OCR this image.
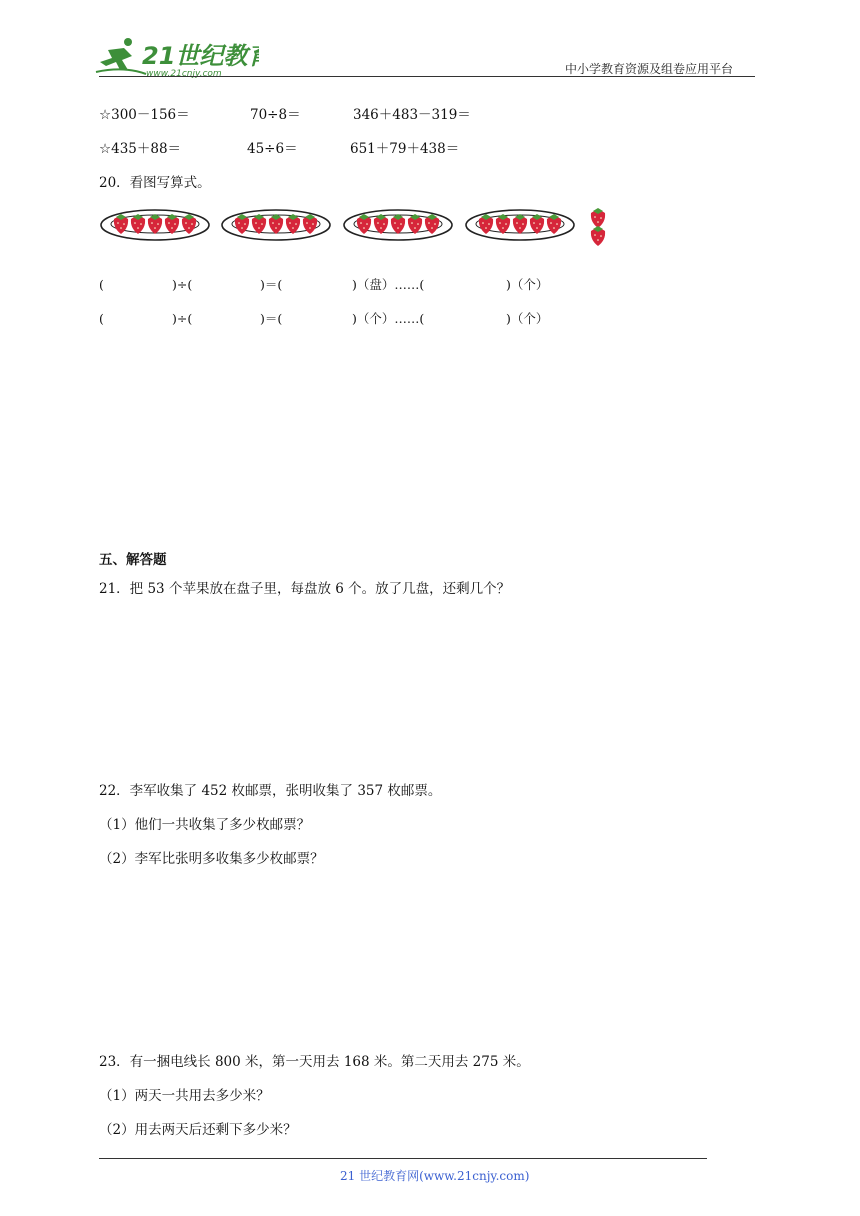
21世纪教育
www.21cnjy.com	中小学教育资源及组卷应用平台
☆300－156＝	70÷8＝	346＋483－319＝
☆435＋88＝	45÷6＝	651＋79＋438＝
20．看图写算式。
(	)÷(	)＝(	)（盘）……(	)（个）
(	)÷(	)＝(	)（个）……(	)（个）
五、解答题
21．把 53 个苹果放在盘子里，每盘放 6 个。放了几盘，还剩几个？
22．李军收集了 452 枚邮票，张明收集了 357 枚邮票。
（1）他们一共收集了多少枚邮票？
（2）李军比张明多收集多少枚邮票？
23．有一捆电线长 800 米，第一天用去 168 米。第二天用去 275 米。
（1）两天一共用去多少米？
（2）用去两天后还剩下多少米？
21 世纪教育网(www.21cnjy.com)
